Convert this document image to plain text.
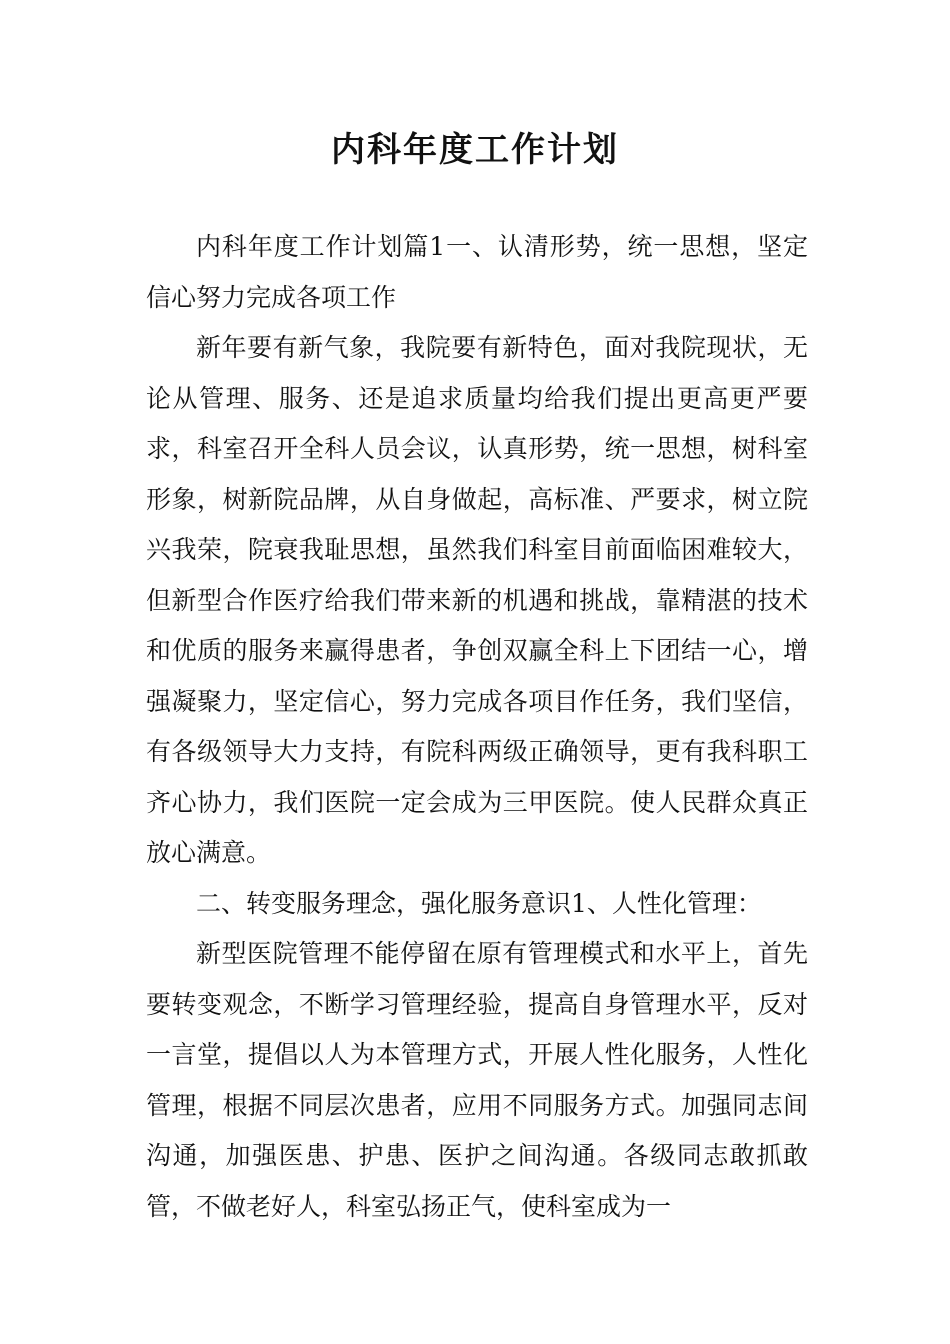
内科年度工作计划

内科年度工作计划篇1一、认清形势，统一思想，坚定信心努力完成各项工作

新年要有新气象，我院要有新特色，面对我院现状，无论从管理、服务、还是追求质量均给我们提出更高更严要求，科室召开全科人员会议，认真形势，统一思想，树科室形象，树新院品牌，从自身做起，高标准、严要求，树立院兴我荣，院衰我耻思想，虽然我们科室目前面临困难较大，但新型合作医疗给我们带来新的机遇和挑战，靠精湛的技术和优质的服务来赢得患者，争创双赢全科上下团结一心，增强凝聚力，坚定信心，努力完成各项目作任务，我们坚信，有各级领导大力支持，有院科两级正确领导，更有我科职工齐心协力，我们医院一定会成为三甲医院。使人民群众真正放心满意。

二、转变服务理念，强化服务意识1、人性化管理：

新型医院管理不能停留在原有管理模式和水平上，首先要转变观念，不断学习管理经验，提高自身管理水平，反对一言堂，提倡以人为本管理方式，开展人性化服务，人性化管理，根据不同层次患者，应用不同服务方式。加强同志间沟通，加强医患、护患、医护之间沟通。各级同志敢抓敢管，不做老好人，科室弘扬正气，使科室成为一
